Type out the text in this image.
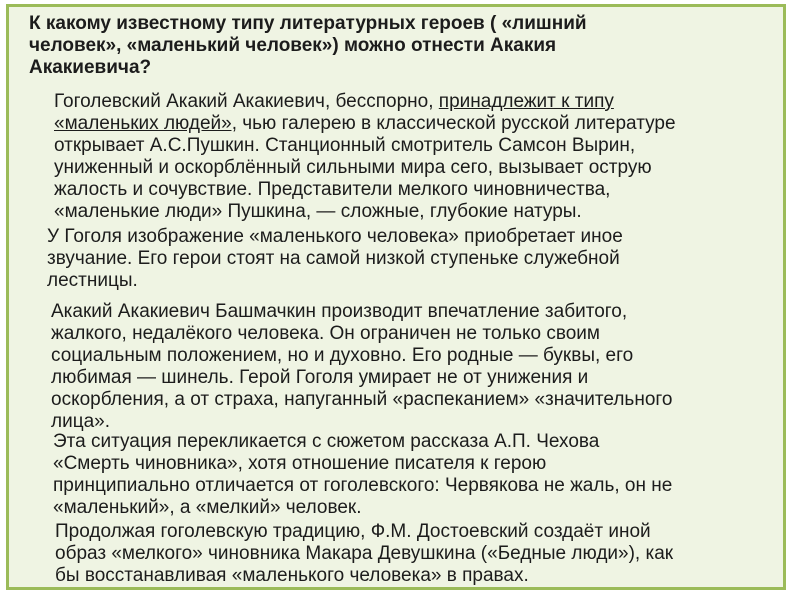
К какому известному типу литературных героев ( «лишний
человек», «маленький человек») можно отнести Акакия
Акакиевича?

Гоголевский Акакий Акакиевич, бесспорно, принадлежит к типу
«маленьких людей», чью галерею в классической русской литературе
открывает А.С.Пушкин. Станционный смотритель Самсон Вырин,
униженный и оскорблённый сильными мира сего, вызывает острую
жалость и сочувствие. Представители мелкого чиновничества,
«маленькие люди» Пушкина, — сложные, глубокие натуры.

У Гоголя изображение «маленького человека» приобретает иное
звучание. Его герои стоят на самой низкой ступеньке служебной
лестницы.

Акакий Акакиевич Башмачкин производит впечатление забитого,
жалкого, недалёкого человека. Он ограничен не только своим
социальным положением, но и духовно. Его родные — буквы, его
любимая — шинель. Герой Гоголя умирает не от унижения и
оскорбления, а от страха, напуганный «распеканием» «значительного
лица».

Эта ситуация перекликается с сюжетом рассказа А.П. Чехова
«Смерть чиновника», хотя отношение писателя к герою
принципиально отличается от гоголевского: Червякова не жаль, он не
«маленький», а «мелкий» человек.

Продолжая гоголевскую традицию, Ф.М. Достоевский создаёт иной
образ «мелкого» чиновника Макара Девушкина («Бедные люди»), как
бы восстанавливая «маленького человека» в правах.
